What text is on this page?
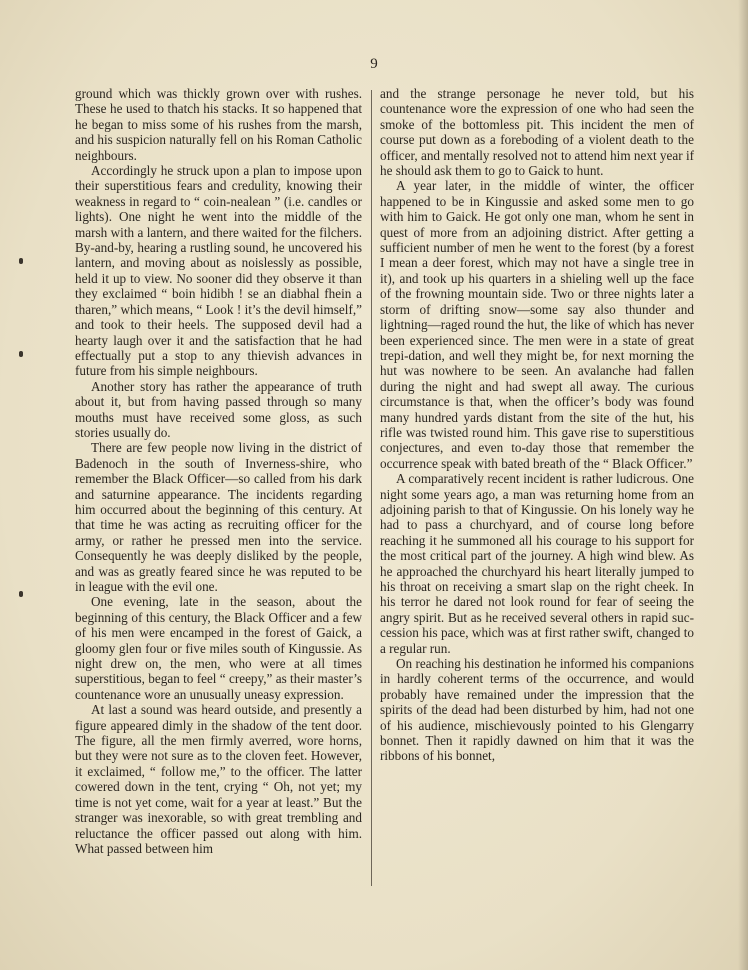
9

ground which was thickly grown over with rushes. These he used to thatch his stacks. It so happened that he began to miss some of his rushes from the marsh, and his suspicion naturally fell on his Roman Catholic neighbours.

Accordingly he struck upon a plan to impose upon their superstitious fears and credulity, knowing their weakness in regard to “ coin-nealean ” (i.e. candles or lights). One night he went into the middle of the marsh with a lantern, and there waited for the filchers. By-and-by, hearing a rustling sound, he uncovered his lantern, and moving about as noislessly as possible, held it up to view. No sooner did they observe it than they exclaimed “ boin hidibh ! se an diabhal fhein a tharen,” which means, “ Look ! it’s the devil himself,” and took to their heels. The supposed devil had a hearty laugh over it and the satisfaction that he had effectually put a stop to any thievish advances in future from his simple neighbours.

Another story has rather the appearance of truth about it, but from having passed through so many mouths must have received some gloss, as such stories usually do.

There are few people now living in the district of Badenoch in the south of Inverness-shire, who remember the Black Officer—so called from his dark and saturnine appearance. The incidents regarding him occurred about the beginning of this century. At that time he was acting as recruiting officer for the army, or rather he pressed men into the service. Consequently he was deeply disliked by the people, and was as greatly feared since he was reputed to be in league with the evil one.

One evening, late in the season, about the beginning of this century, the Black Officer and a few of his men were encamped in the forest of Gaick, a gloomy glen four or five miles south of Kingussie. As night drew on, the men, who were at all times superstitious, began to feel “ creepy,” as their master’s countenance wore an unusually uneasy expression.

At last a sound was heard outside, and presently a figure appeared dimly in the shadow of the tent door. The figure, all the men firmly averred, wore horns, but they were not sure as to the cloven feet. However, it exclaimed, “ follow me,” to the officer. The latter cowered down in the tent, crying “ Oh, not yet; my time is not yet come, wait for a year at least.” But the stranger was inexorable, so with great trembling and reluctance the officer passed out along with him. What passed between him

and the strange personage he never told, but his countenance wore the expression of one who had seen the smoke of the bottomless pit. This incident the men of course put down as a foreboding of a violent death to the officer, and mentally resolved not to attend him next year if he should ask them to go to Gaick to hunt.

A year later, in the middle of winter, the officer happened to be in Kingussie and asked some men to go with him to Gaick. He got only one man, whom he sent in quest of more from an adjoining district. After getting a sufficient number of men he went to the forest (by a forest I mean a deer forest, which may not have a single tree in it), and took up his quarters in a shieling well up the face of the frowning mountain side. Two or three nights later a storm of drifting snow—some say also thunder and lightning—raged round the hut, the like of which has never been experienced since. The men were in a state of great trepi-dation, and well they might be, for next morning the hut was nowhere to be seen. An avalanche had fallen during the night and had swept all away. The curious circumstance is that, when the officer’s body was found many hundred yards distant from the site of the hut, his rifle was twisted round him. This gave rise to superstitious conjectures, and even to-day those that remember the occurrence speak with bated breath of the “ Black Officer.”

A comparatively recent incident is rather ludicrous. One night some years ago, a man was returning home from an adjoining parish to that of Kingussie. On his lonely way he had to pass a churchyard, and of course long before reaching it he summoned all his courage to his support for the most critical part of the journey. A high wind blew. As he approached the churchyard his heart literally jumped to his throat on receiving a smart slap on the right cheek. In his terror he dared not look round for fear of seeing the angry spirit. But as he received several others in rapid suc-cession his pace, which was at first rather swift, changed to a regular run.

On reaching his destination he informed his companions in hardly coherent terms of the occurrence, and would probably have remained under the impression that the spirits of the dead had been disturbed by him, had not one of his audience, mischievously pointed to his Glengarry bonnet. Then it rapidly dawned on him that it was the ribbons of his bonnet,
